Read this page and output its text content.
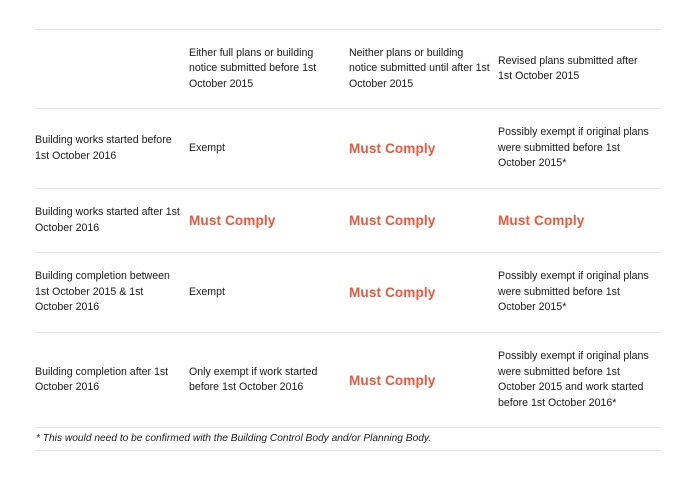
	Either full plans or building notice submitted before 1st October 2015	Neither plans or building notice submitted until after 1st October 2015	Revised plans submitted after 1st October 2015

Building works started before 1st October 2016	Exempt	Must Comply	Possibly exempt if original plans were submitted before 1st October 2015*

Building works started after 1st October 2016	Must Comply	Must Comply	Must Comply

Building completion between 1st October 2015 & 1st October 2016	Exempt	Must Comply	Possibly exempt if original plans were submitted before 1st October 2015*

Building completion after 1st October 2016	Only exempt if work started before 1st October 2016	Must Comply	Possibly exempt if original plans were submitted before 1st October 2015 and work started before 1st October 2016*
* This would need to be confirmed with the Building Control Body and/or Planning Body.
